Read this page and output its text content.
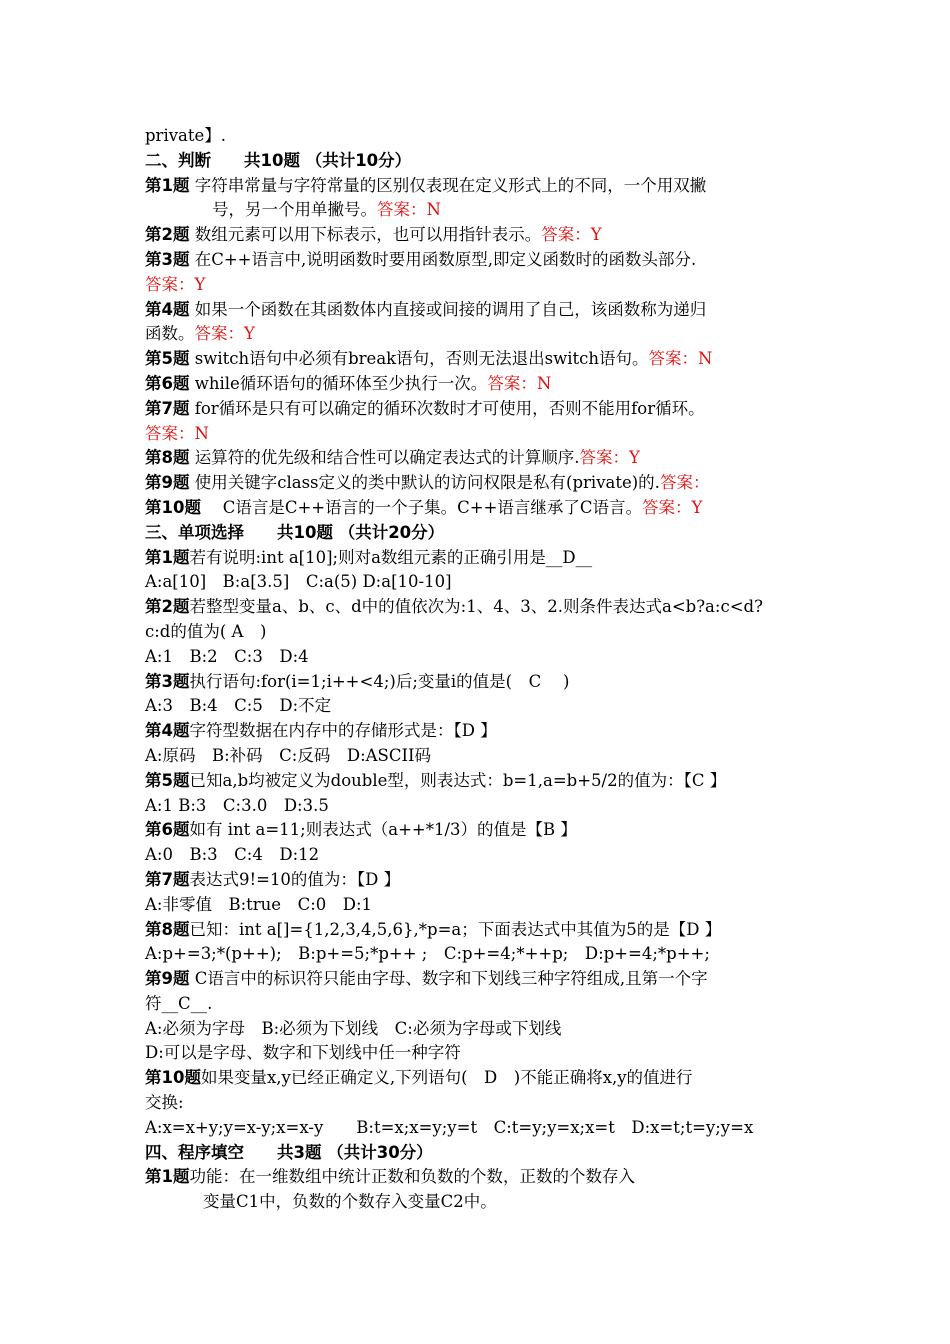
private】.
二、判断　　共10题 （共计10分）
第1题 字符串常量与字符常量的区别仅表现在定义形式上的不同，一个用双撇
号，另一个用单撇号。答案：N
第2题 数组元素可以用下标表示，也可以用指针表示。答案：Y
第3题 在C++语言中,说明函数时要用函数原型,即定义函数时的函数头部分.
答案：Y
第4题 如果一个函数在其函数体内直接或间接的调用了自己，该函数称为递归
函数。答案：Y
第5题 switch语句中必须有break语句，否则无法退出switch语句。答案：N
第6题 while循环语句的循环体至少执行一次。答案：N
第7题 for循环是只有可以确定的循环次数时才可使用，否则不能用for循环。
答案：N
第8题 运算符的优先级和结合性可以确定表达式的计算顺序.答案：Y
第9题 使用关键字class定义的类中默认的访问权限是私有(private)的.答案：
第10题 　C语言是C++语言的一个子集。C++语言继承了C语言。答案：Y
三、单项选择　　共10题 （共计20分）
第1题若有说明:int a[10];则对a数组元素的正确引用是__D__
A:a[10]　B:a[3.5]　C:a(5) D:a[10-10]
第2题若整型变量a、b、c、d中的值依次为:1、4、3、2.则条件表达式a<b?a:c<d?
c:d的值为( A　)
A:1　B:2　C:3　D:4
第3题执行语句:for(i=1;i++<4;)后;变量i的值是(　C　 )
A:3　B:4　C:5　D:不定
第4题字符型数据在内存中的存储形式是：【D 】
A:原码　B:补码　C:反码　D:ASCII码
第5题已知a,b均被定义为double型，则表达式：b=1,a=b+5/2的值为：【C 】
A:1 B:3　C:3.0　D:3.5
第6题如有 int a=11;则表达式（a++*1/3）的值是【B 】
A:0　B:3　C:4　D:12
第7题表达式9!=10的值为：【D 】
A:非零值　B:true　C:0　D:1
第8题已知：int a[]={1,2,3,4,5,6},*p=a；下面表达式中其值为5的是【D 】
A:p+=3;*(p++);　B:p+=5;*p++ ;　C:p+=4;*++p;　D:p+=4;*p++;
第9题 C语言中的标识符只能由字母、数字和下划线三种字符组成,且第一个字
符__C__.
A:必须为字母　B:必须为下划线　C:必须为字母或下划线
D:可以是字母、数字和下划线中任一种字符
第10题如果变量x,y已经正确定义,下列语句(　D　)不能正确将x,y的值进行
交换:
A:x=x+y;y=x-y;x=x-y　　B:t=x;x=y;y=t　C:t=y;y=x;x=t　D:x=t;t=y;y=x
四、程序填空　　共3题 （共计30分）
第1题功能：在一维数组中统计正数和负数的个数，正数的个数存入
变量C1中，负数的个数存入变量C2中。
